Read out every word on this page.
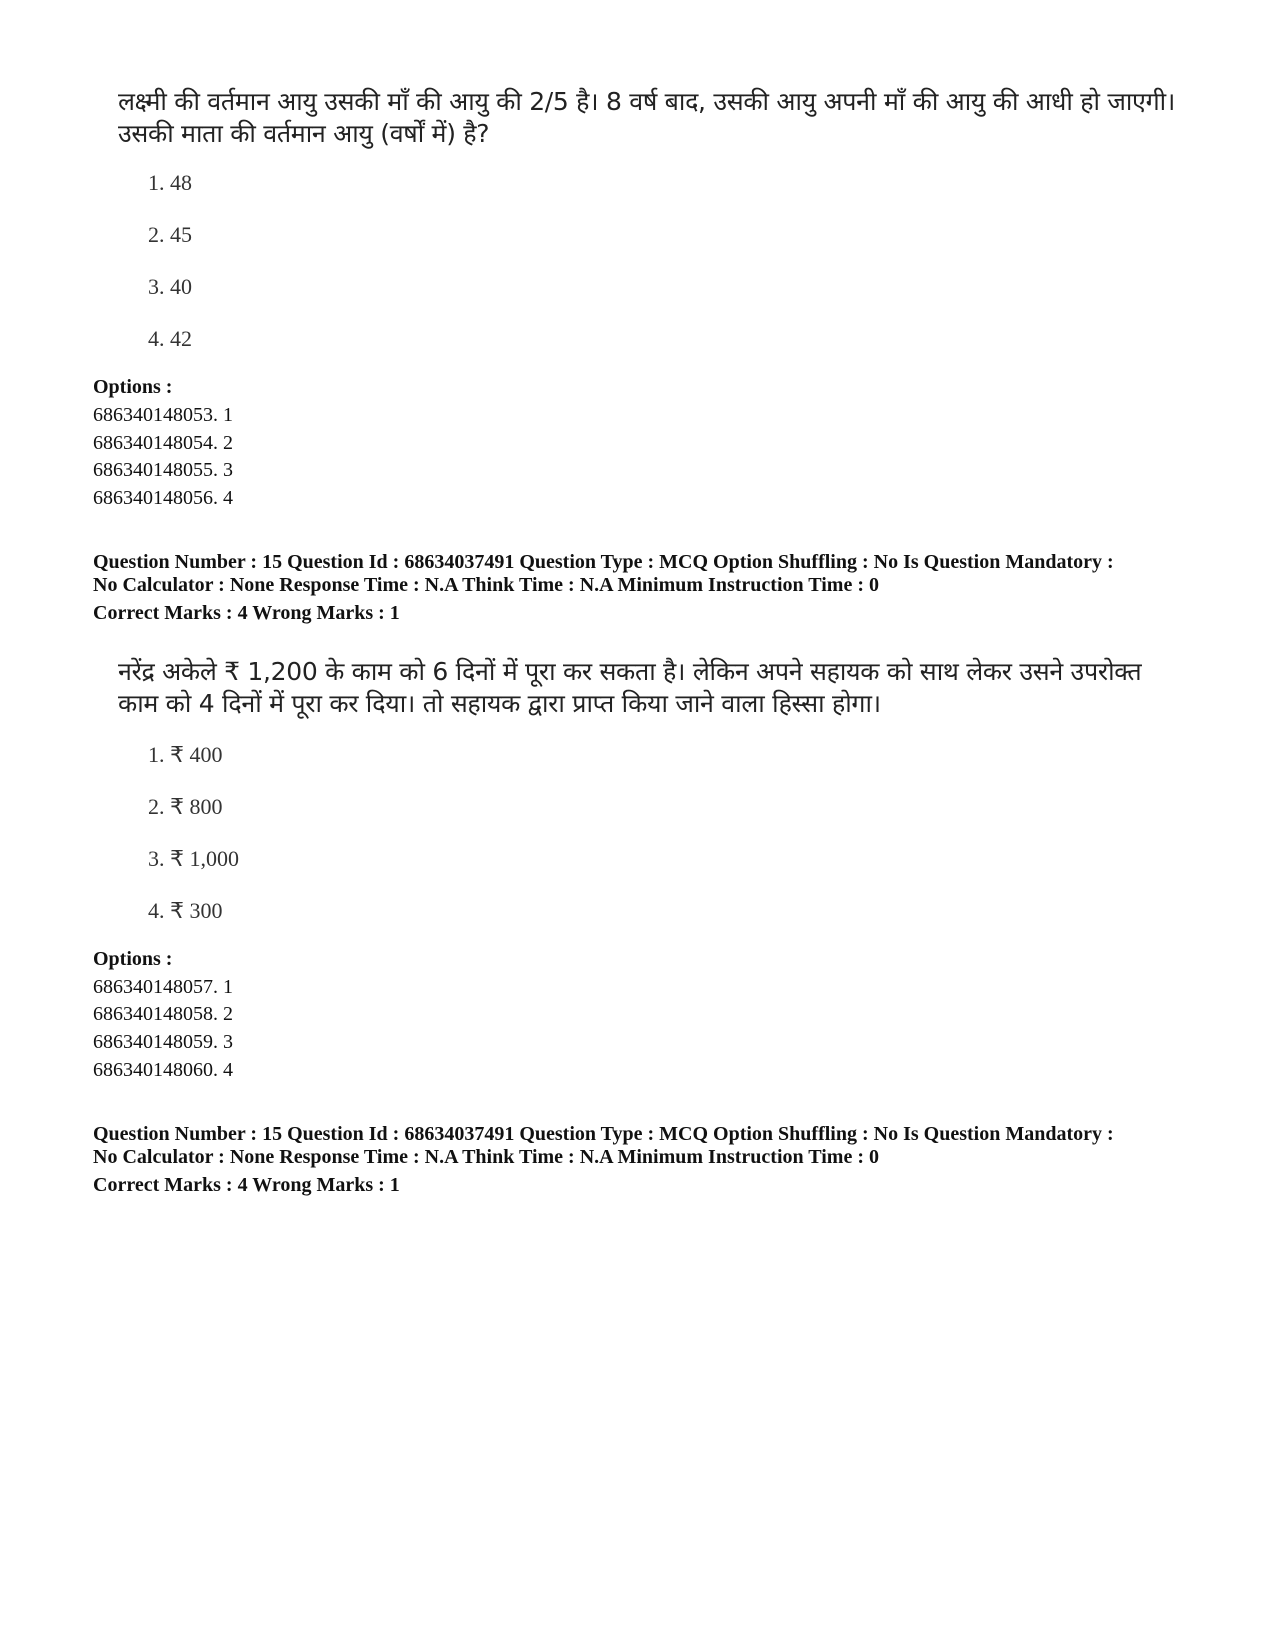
लक्ष्मी की वर्तमान आयु उसकी माँ की आयु की 2/5 है। 8 वर्ष बाद, उसकी आयु अपनी माँ की आयु की आधी हो जाएगी।
उसकी माता की वर्तमान आयु (वर्षों में) है?
1. 48
2. 45
3. 40
4. 42
Options :
686340148053. 1
686340148054. 2
686340148055. 3
686340148056. 4
Question Number : 15 Question Id : 68634037491 Question Type : MCQ Option Shuffling : No Is Question Mandatory :
No Calculator : None Response Time : N.A Think Time : N.A Minimum Instruction Time : 0
Correct Marks : 4 Wrong Marks : 1
नरेंद्र अकेले ₹ 1,200 के काम को 6 दिनों में पूरा कर सकता है। लेकिन अपने सहायक को साथ लेकर उसने उपरोक्त
काम को 4 दिनों में पूरा कर दिया। तो सहायक द्वारा प्राप्त किया जाने वाला हिस्सा होगा।
1. ₹ 400
2. ₹ 800
3. ₹ 1,000
4. ₹ 300
Options :
686340148057. 1
686340148058. 2
686340148059. 3
686340148060. 4
Question Number : 15 Question Id : 68634037491 Question Type : MCQ Option Shuffling : No Is Question Mandatory :
No Calculator : None Response Time : N.A Think Time : N.A Minimum Instruction Time : 0
Correct Marks : 4 Wrong Marks : 1
